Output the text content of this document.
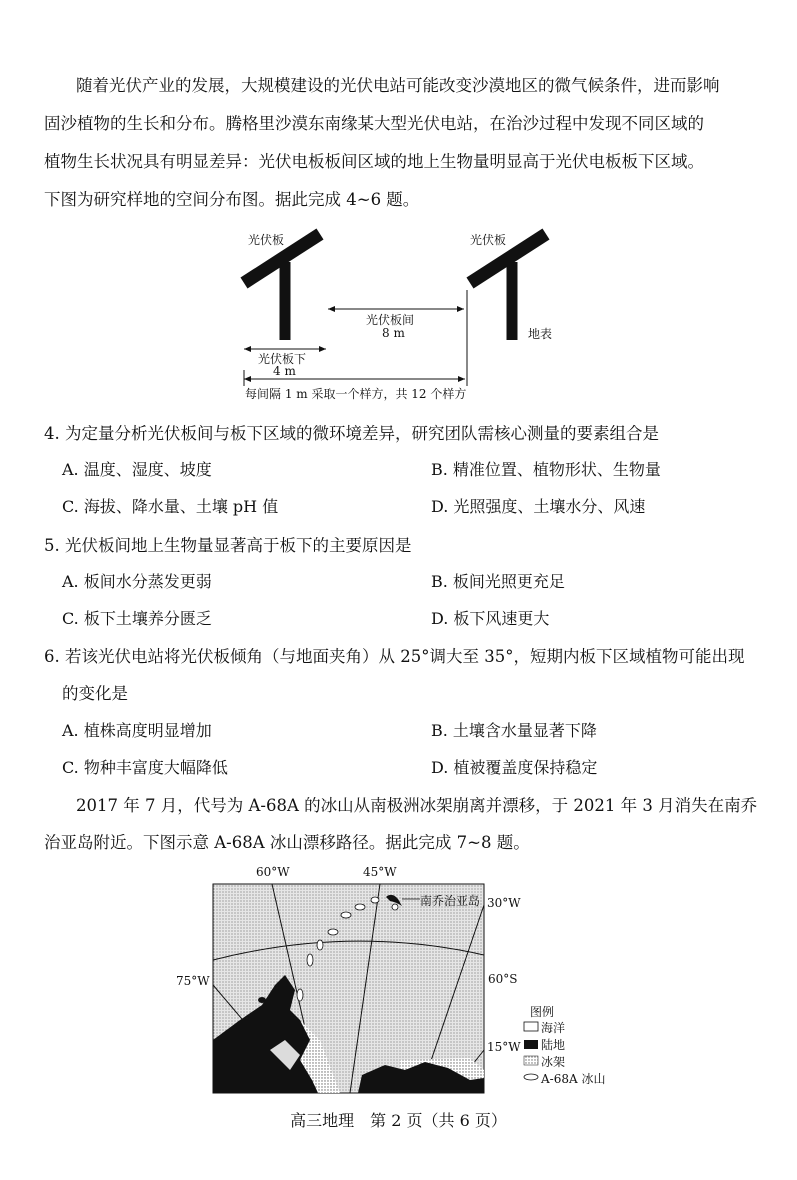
随着光伏产业的发展，大规模建设的光伏电站可能改变沙漠地区的微气候条件，进而影响
固沙植物的生长和分布。腾格里沙漠东南缘某大型光伏电站，在治沙过程中发现不同区域的
植物生长状况具有明显差异：光伏电板板间区域的地上生物量明显高于光伏电板板下区域。
下图为研究样地的空间分布图。据此完成 4~6 题。
光伏板	光伏板
光伏板间
8 m
光伏板下
4 m
地表
每间隔 1 m 采取一个样方，共 12 个样方
4. 为定量分析光伏板间与板下区域的微环境差异，研究团队需核心测量的要素组合是
A. 温度、湿度、坡度	B. 精准位置、植物形状、生物量
C. 海拔、降水量、土壤 pH 值	D. 光照强度、土壤水分、风速
5. 光伏板间地上生物量显著高于板下的主要原因是
A. 板间水分蒸发更弱	B. 板间光照更充足
C. 板下土壤养分匮乏	D. 板下风速更大
6. 若该光伏电站将光伏板倾角（与地面夹角）从 25°调大至 35°，短期内板下区域植物可能出现
的变化是
A. 植株高度明显增加	B. 土壤含水量显著下降
C. 物种丰富度大幅降低	D. 植被覆盖度保持稳定
2017 年 7 月，代号为 A-68A 的冰山从南极洲冰架崩离并漂移，于 2021 年 3 月消失在南乔
治亚岛附近。下图示意 A-68A 冰山漂移路径。据此完成 7~8 题。
60°W	45°W
30°W
75°W	60°S
15°W
南乔治亚岛
图例
海洋
陆地
冰架
A-68A 冰山
高三地理　第 2 页（共 6 页）
